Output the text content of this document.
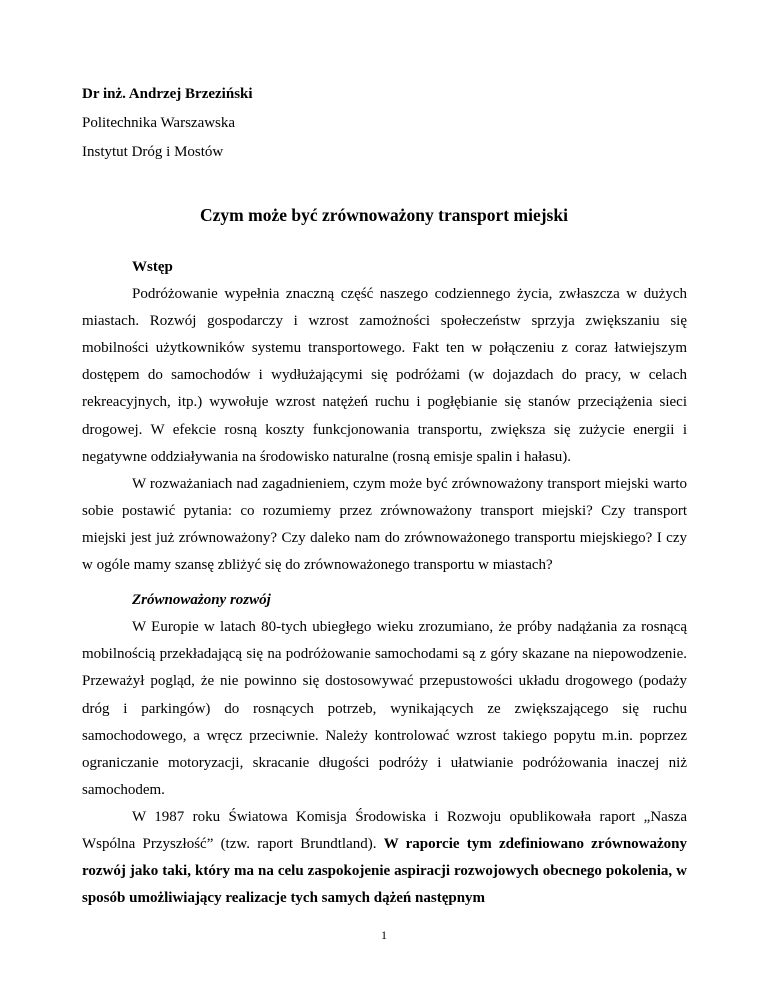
Dr inż. Andrzej Brzeziński
Politechnika Warszawska
Instytut Dróg i Mostów
Czym może być zrównoważony transport miejski

Wstęp

Podróżowanie wypełnia znaczną część naszego codziennego życia, zwłaszcza w dużych miastach. Rozwój gospodarczy i wzrost zamożności społeczeństw sprzyja zwiększaniu się mobilności użytkowników systemu transportowego. Fakt ten w połączeniu z coraz łatwiejszym dostępem do samochodów i wydłużającymi się podróżami (w dojazdach do pracy, w celach rekreacyjnych, itp.) wywołuje wzrost natężeń ruchu i pogłębianie się stanów przeciążenia sieci drogowej. W efekcie rosną koszty funkcjonowania transportu, zwiększa się zużycie energii i negatywne oddziaływania na środowisko naturalne (rosną emisje spalin i hałasu).

W rozważaniach nad zagadnieniem, czym może być zrównoważony transport miejski warto sobie postawić pytania: co rozumiemy przez zrównoważony transport miejski? Czy transport miejski jest już zrównoważony? Czy daleko nam do zrównoważonego transportu miejskiego? I czy w ogóle mamy szansę zbliżyć się do zrównoważonego transportu w miastach?

Zrównoważony rozwój

W Europie w latach 80-tych ubiegłego wieku zrozumiano, że próby nadążania za rosnącą mobilnością przekładającą się na podróżowanie samochodami są z góry skazane na niepowodzenie. Przeważył pogląd, że nie powinno się dostosowywać przepustowości układu drogowego (podaży dróg i parkingów) do rosnących potrzeb, wynikających ze zwiększającego się ruchu samochodowego, a wręcz przeciwnie. Należy kontrolować wzrost takiego popytu m.in. poprzez ograniczanie motoryzacji, skracanie długości podróży i ułatwianie podróżowania inaczej niż samochodem.

W 1987 roku Światowa Komisja Środowiska i Rozwoju opublikowała raport „Nasza Wspólna Przyszłość” (tzw. raport Brundtland). W raporcie tym zdefiniowano zrównoważony rozwój jako taki, który ma na celu zaspokojenie aspiracji rozwojowych obecnego pokolenia, w sposób umożliwiający realizacje tych samych dążeń następnym

1
